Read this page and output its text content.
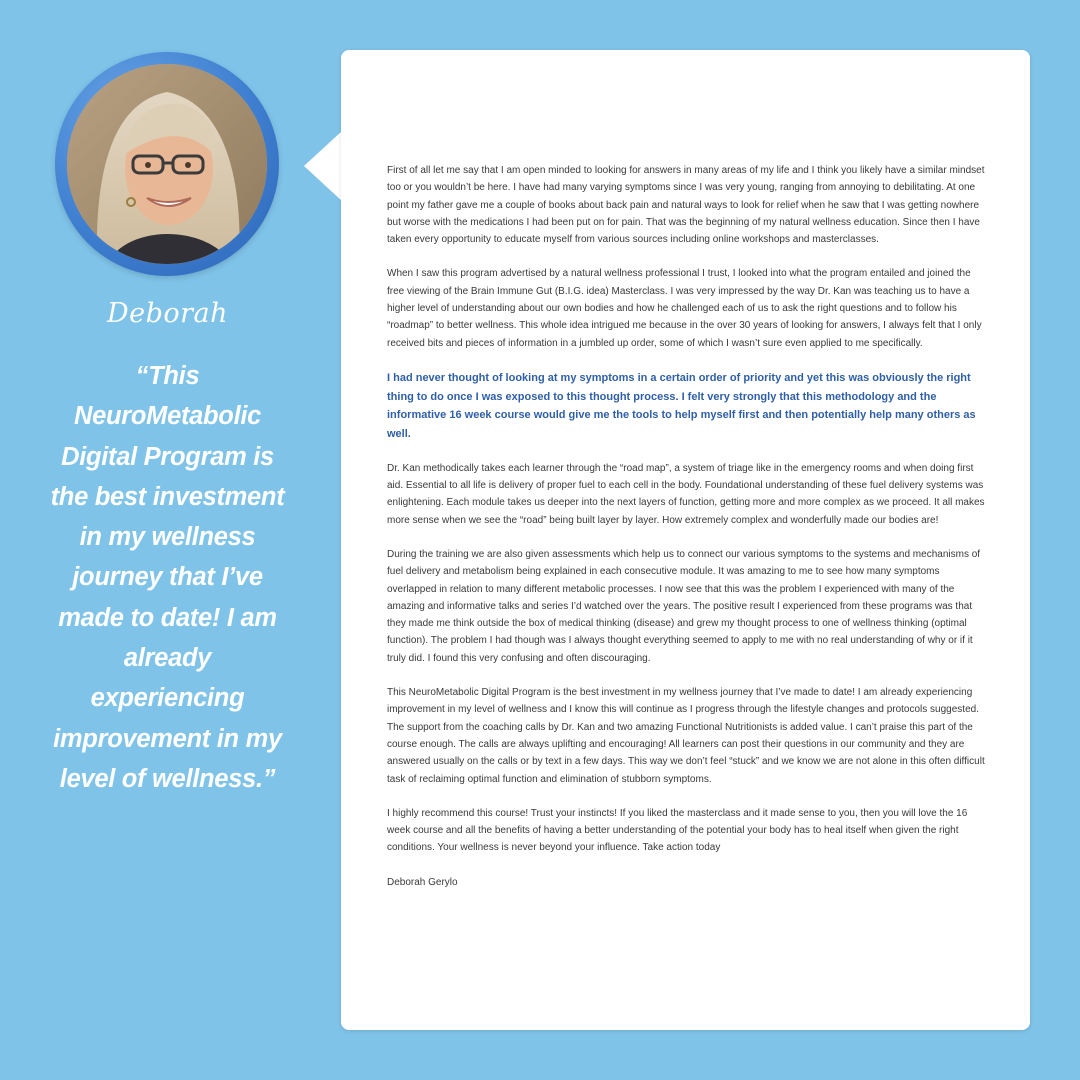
Deborah
“This NeuroMetabolic Digital Program is the best investment in my wellness journey that I’ve made to date! I am already experiencing improvement in my level of wellness.”

First of all let me say that I am open minded to looking for answers in many areas of my life and I think you likely have a similar mindset too or you wouldn’t be here. I have had many varying symptoms since I was very young, ranging from annoying to debilitating. At one point my father gave me a couple of books about back pain and natural ways to look for relief when he saw that I was getting nowhere but worse with the medications I had been put on for pain. That was the beginning of my natural wellness education. Since then I have taken every opportunity to educate myself from various sources including online workshops and masterclasses.

When I saw this program advertised by a natural wellness professional I trust, I looked into what the program entailed and joined the free viewing of the Brain Immune Gut (B.I.G. idea) Masterclass. I was very impressed by the way Dr. Kan was teaching us to have a higher level of understanding about our own bodies and how he challenged each of us to ask the right questions and to follow his “roadmap” to better wellness. This whole idea intrigued me because in the over 30 years of looking for answers, I always felt that I only received bits and pieces of information in a jumbled up order, some of which I wasn’t sure even applied to me specifically.

I had never thought of looking at my symptoms in a certain order of priority and yet this was obviously the right thing to do once I was exposed to this thought process. I felt very strongly that this methodology and the informative 16 week course would give me the tools to help myself first and then potentially help many others as well.

Dr. Kan methodically takes each learner through the “road map”, a system of triage like in the emergency rooms and when doing first aid. Essential to all life is delivery of proper fuel to each cell in the body. Foundational understanding of these fuel delivery systems was enlightening. Each module takes us deeper into the next layers of function, getting more and more complex as we proceed. It all makes more sense when we see the “road” being built layer by layer. How extremely complex and wonderfully made our bodies are!

During the training we are also given assessments which help us to connect our various symptoms to the systems and mechanisms of fuel delivery and metabolism being explained in each consecutive module. It was amazing to me to see how many symptoms overlapped in relation to many different metabolic processes. I now see that this was the problem I experienced with many of the amazing and informative talks and series I’d watched over the years. The positive result I experienced from these programs was that they made me think outside the box of medical thinking (disease) and grew my thought process to one of wellness thinking (optimal function). The problem I had though was I always thought everything seemed to apply to me with no real understanding of why or if it truly did. I found this very confusing and often discouraging.

This NeuroMetabolic Digital Program is the best investment in my wellness journey that I’ve made to date! I am already experiencing improvement in my level of wellness and I know this will continue as I progress through the lifestyle changes and protocols suggested. The support from the coaching calls by Dr. Kan and two amazing Functional Nutritionists is added value. I can’t praise this part of the course enough. The calls are always uplifting and encouraging! All learners can post their questions in our community and they are answered usually on the calls or by text in a few days. This way we don’t feel “stuck” and we know we are not alone in this often difficult task of reclaiming optimal function and elimination of stubborn symptoms.

I highly recommend this course! Trust your instincts! If you liked the masterclass and it made sense to you, then you will love the 16 week course and all the benefits of having a better understanding of the potential your body has to heal itself when given the right conditions. Your wellness is never beyond your influence. Take action today

Deborah Gerylo
